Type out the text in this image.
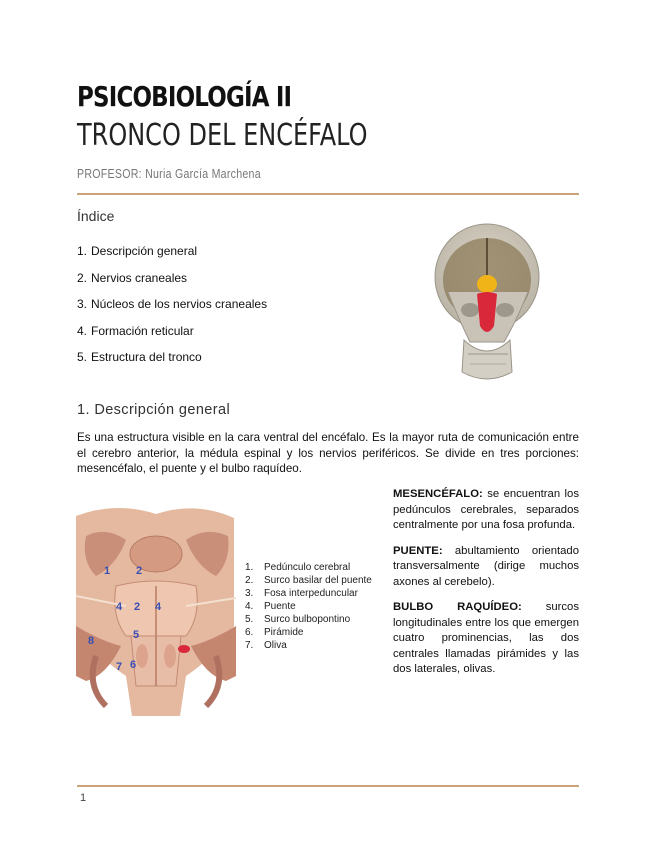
PSICOBIOLOGÍA II
TRONCO DEL ENCÉFALO
PROFESOR: Nuria García Marchena
Índice
1. Descripción general
2. Nervios craneales
3. Núcleos de los nervios craneales
4. Formación reticular
5. Estructura del tronco
1. Descripción general
Es una estructura visible en la cara ventral del encéfalo. Es la mayor ruta de comunicación entre el cerebro anterior, la médula espinal y los nervios periféricos. Se divide en tres porciones: mesencéfalo, el puente y el bulbo raquídeo.
1 2
4 2 4
8	5
7 6
1. Pedúnculo cerebral
2. Surco basilar del puente
3. Fosa interpeduncular
4. Puente
5. Surco bulbopontino
6. Pirámide
7. Oliva

MESENCÉFALO: se encuentran los pedúnculos cerebrales, separados centralmente por una fosa profunda.

PUENTE: abultamiento orientado transversalmente (dirige muchos axones al cerebelo).

BULBO RAQUÍDEO: surcos longitudinales entre los que emergen cuatro prominencias, las dos centrales llamadas pirámides y las dos laterales, olivas.

1
